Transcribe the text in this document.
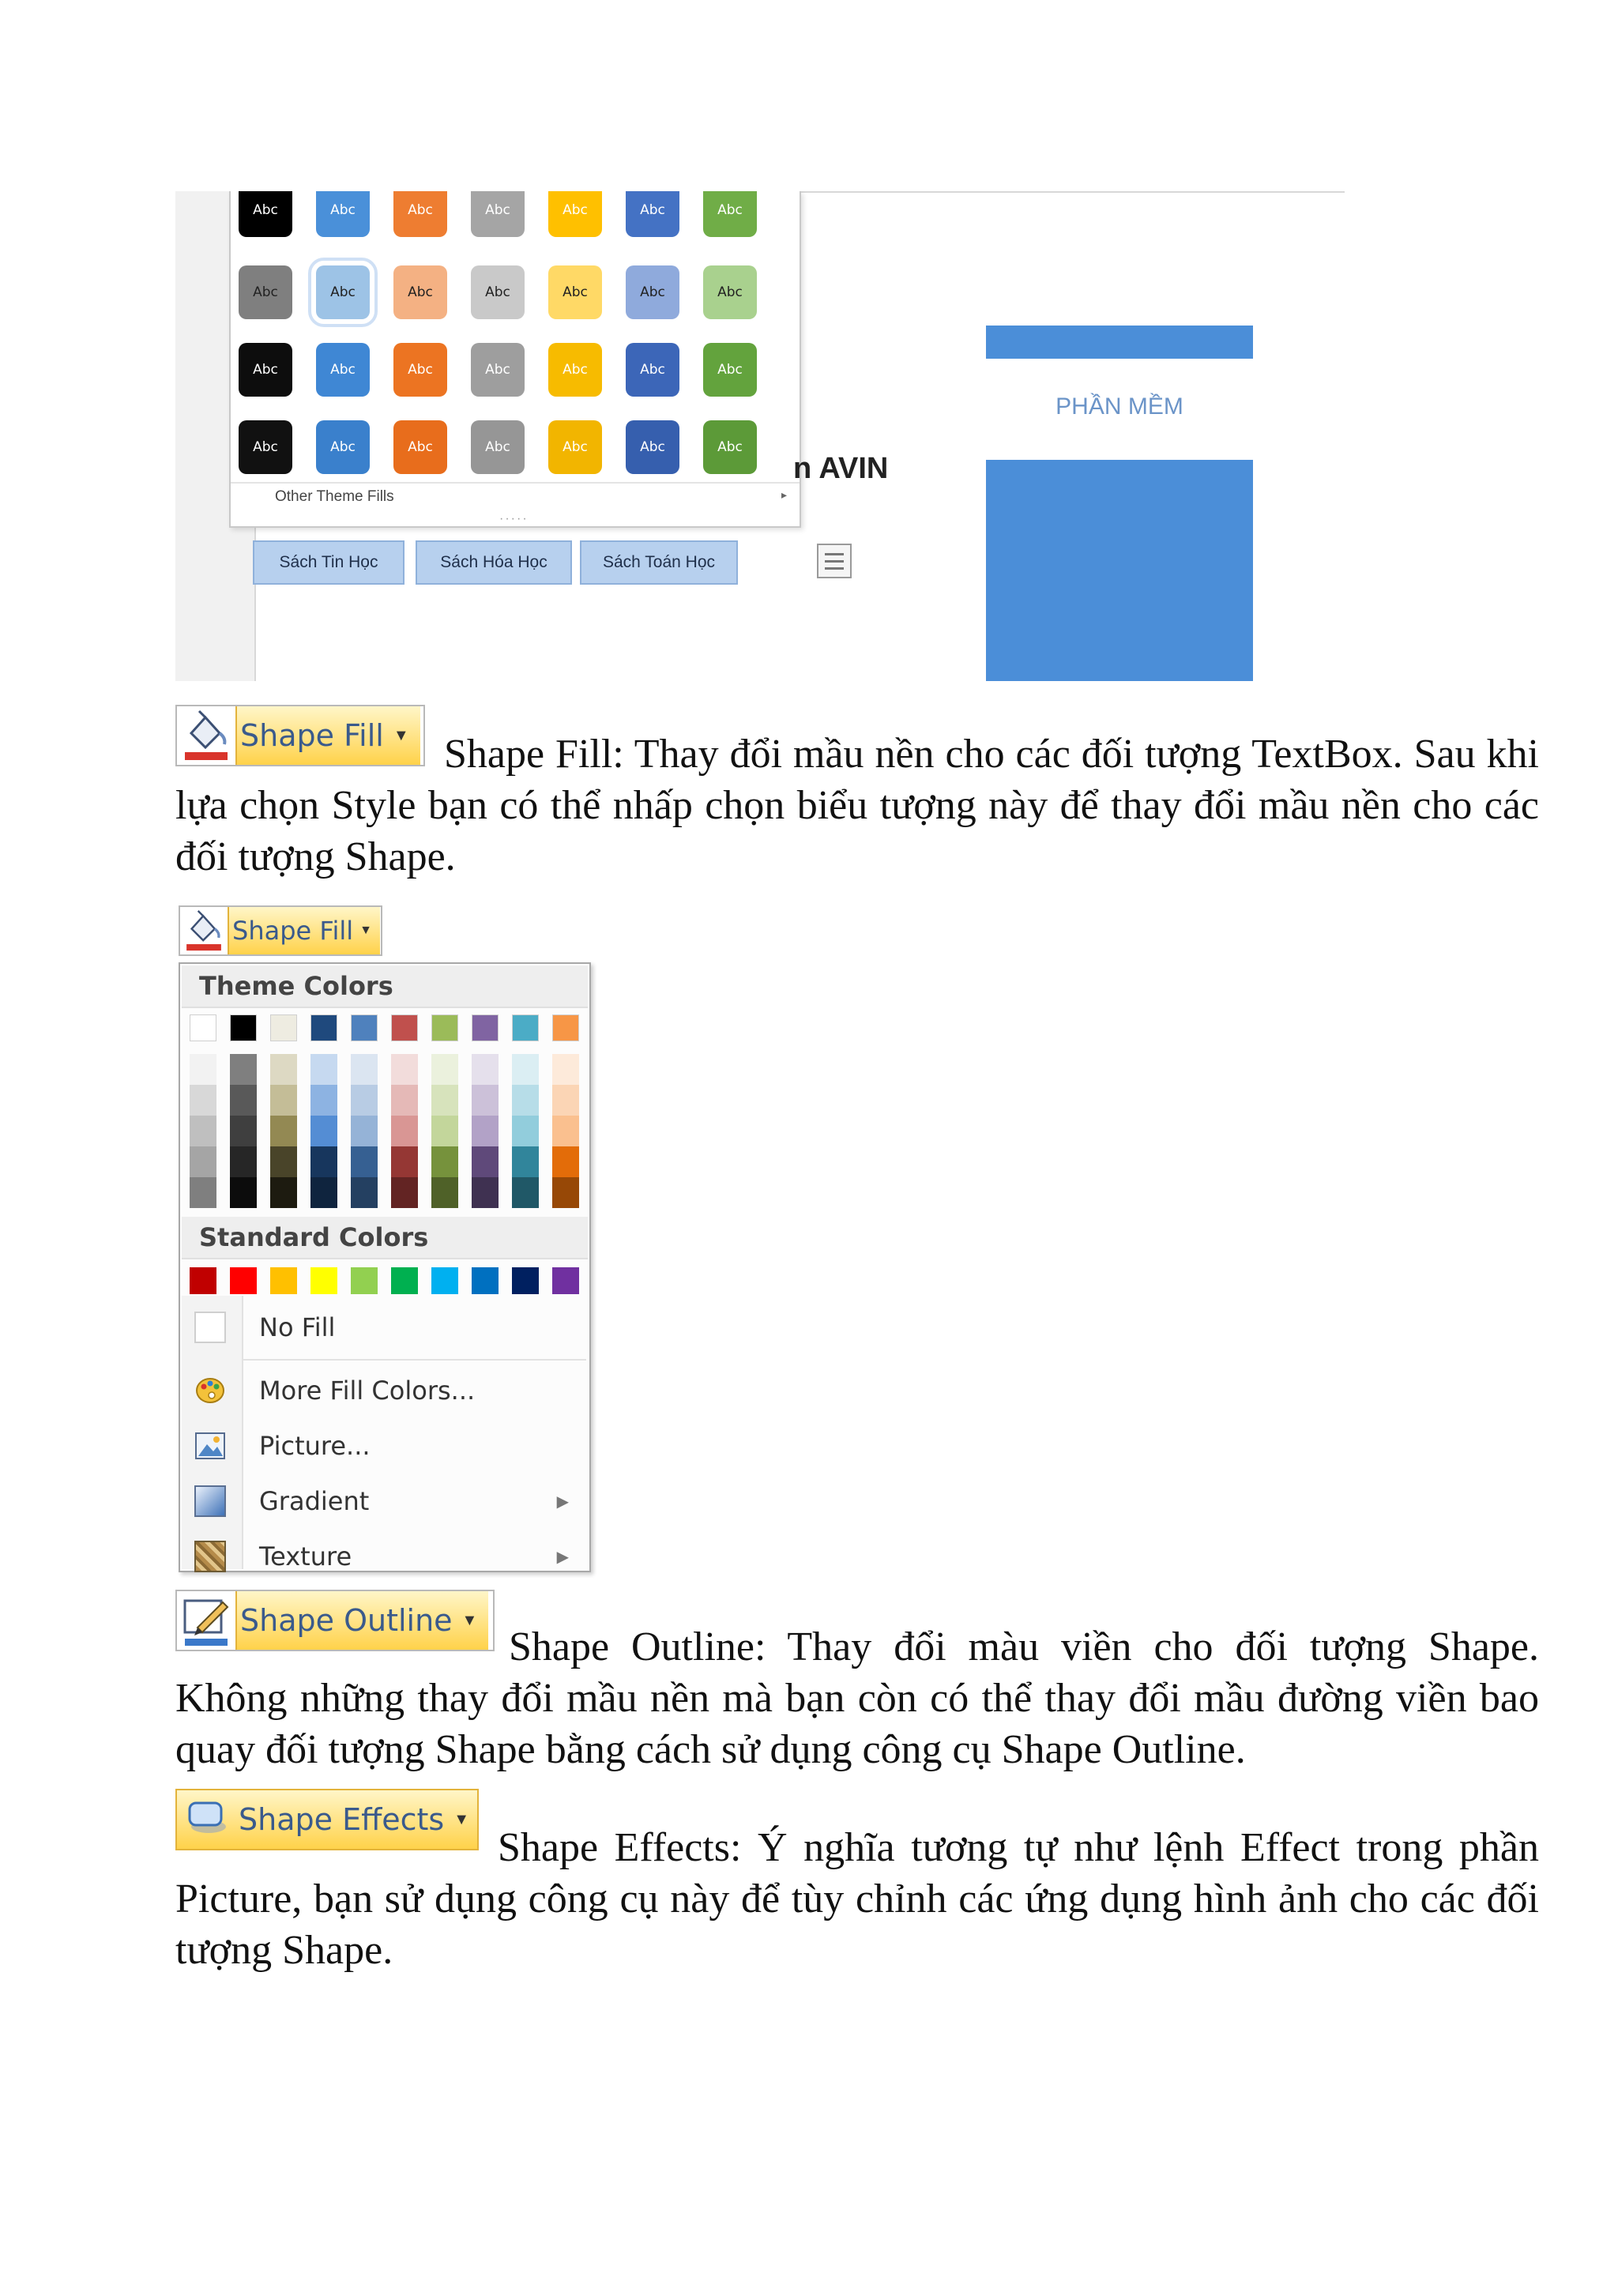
Abc	Abc	Abc	Abc	Abc	Abc	Abc
Abc	Abc	Abc	Abc	Abc	Abc	Abc
Abc	Abc	Abc	Abc	Abc	Abc	Abc
Abc	Abc	Abc	Abc	Abc	Abc	Abc
Other Theme Fills	▸
·····
Sách Tin Học	Sách Hóa Học	Sách Toán Học
n AVIN
PHẦN MỀM
Shape Fill ▼ Shape Fill: Thay đổi mầu nền cho các đối tượng TextBox. Sau khi lựa chọn Style bạn có thể nhấp chọn biểu tượng này để thay đổi mầu nền cho các đối tượng Shape.
Shape Fill ▼
Theme Colors
Standard Colors
No Fill
More Fill Colors...
Picture...
Gradient	▶
Texture	▶
Shape Outline ▼
Shape Outline: Thay đổi màu viền cho đối tượng Shape. Không những thay đổi mầu nền mà bạn còn có thể thay đổi mầu đường viền bao quay đối tượng Shape bằng cách sử dụng công cụ Shape Outline.
Shape Effects ▼
Shape Effects: Ý nghĩa tương tự như lệnh Effect trong phần Picture, bạn sử dụng công cụ này để tùy chỉnh các ứng dụng hình ảnh cho các đối tượng Shape.
